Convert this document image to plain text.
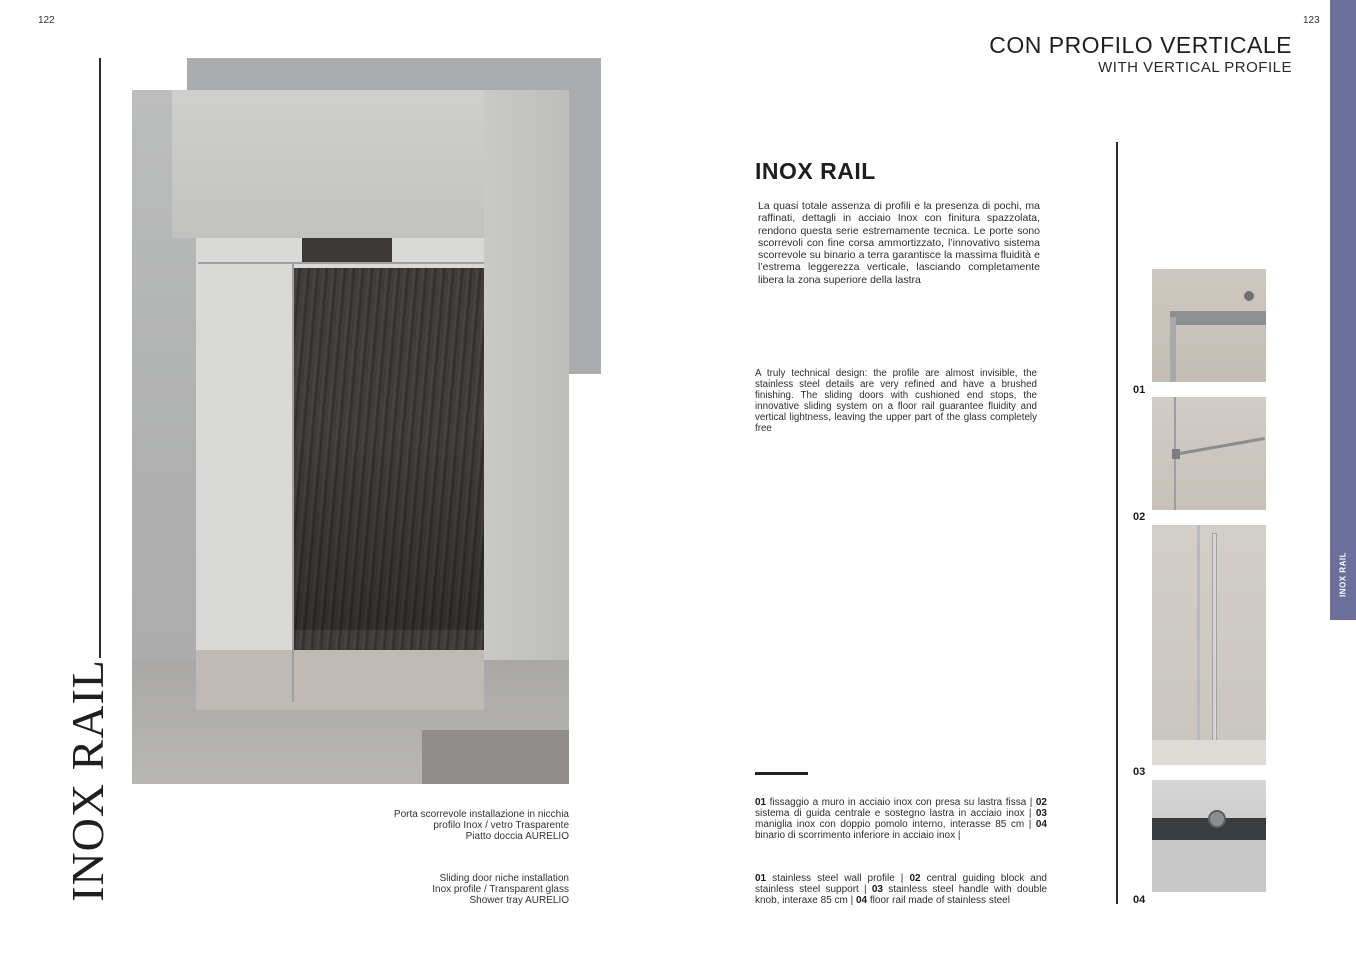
122	123
INOX RAIL	Porta scorrevole installazione in nicchia
profilo Inox / vetro Trasparente
Piatto doccia AURELIO
Sliding door niche installation
Inox profile / Transparent glass
Shower tray AURELIO
CON PROFILO VERTICALE
WITH VERTICAL PROFILE
INOX RAIL
INOX RAIL
La quasi totale assenza di profili e la presenza di pochi, ma raffinati, dettagli in acciaio Inox con finitura spazzolata, rendono questa serie estremamente tecnica. Le porte sono scorrevoli con fine corsa ammortizzato, l’innovativo sistema scorrevole su binario a terra garantisce la massima fluidità e l’estrema leggerezza verticale, lasciando completamente libera la zona superiore della lastra
A truly technical design: the profile are almost invisible, the stainless steel details are very refined and have a brushed finishing. The sliding doors with cushioned end stops, the innovative sliding system on a floor rail guarantee fluidity and vertical lightness, leaving the upper part of the glass completely free
01 fissaggio a muro in acciaio inox con presa su lastra fissa | 02 sistema di guida centrale e sostegno lastra in acciaio inox | 03 maniglia inox con doppio pomolo interno, interasse 85 cm | 04 binario di scorrimento inferiore in acciaio inox |
01 stainless steel wall profile | 02 central guiding block and stainless steel support | 03 stainless steel handle with double knob, interaxe 85 cm | 04 floor rail made of stainless steel
01
02
03
04
